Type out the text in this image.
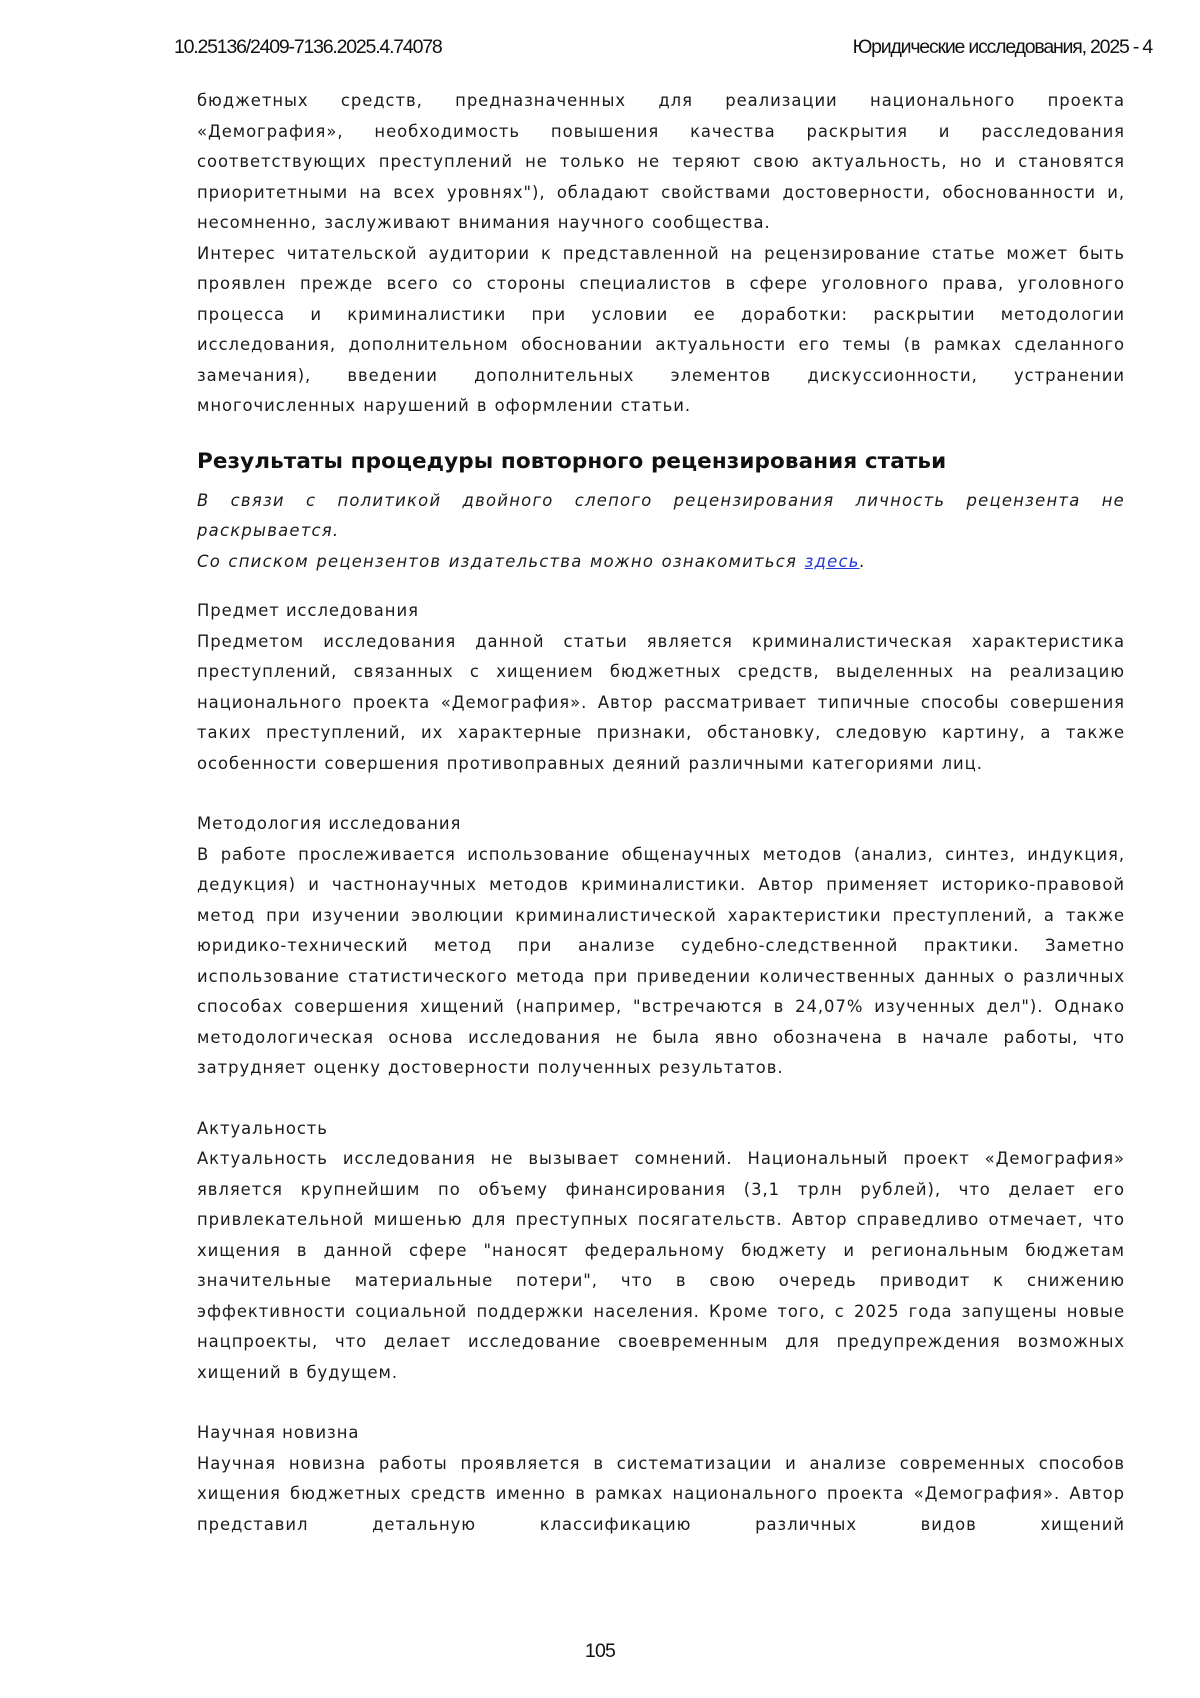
10.25136/2409-7136.2025.4.74078	Юридические исследования, 2025 - 4

бюджетных средств, предназначенных для реализации национального проекта «Демография», необходимость повышения качества раскрытия и расследования соответствующих преступлений не только не теряют свою актуальность, но и становятся приоритетными на всех уровнях"), обладают свойствами достоверности, обоснованности и, несомненно, заслуживают внимания научного сообщества.

Интерес читательской аудитории к представленной на рецензирование статье может быть проявлен прежде всего со стороны специалистов в сфере уголовного права, уголовного процесса и криминалистики при условии ее доработки: раскрытии методологии исследования, дополнительном обосновании актуальности его темы (в рамках сделанного замечания), введении дополнительных элементов дискуссионности, устранении многочисленных нарушений в оформлении статьи.

Результаты процедуры повторного рецензирования статьи

В связи с политикой двойного слепого рецензирования личность рецензента не раскрывается.

Со списком рецензентов издательства можно ознакомиться здесь.

Предмет исследования

Предметом исследования данной статьи является криминалистическая характеристика преступлений, связанных с хищением бюджетных средств, выделенных на реализацию национального проекта «Демография». Автор рассматривает типичные способы совершения таких преступлений, их характерные признаки, обстановку, следовую картину, а также особенности совершения противоправных деяний различными категориями лиц.

Методология исследования

В работе прослеживается использование общенаучных методов (анализ, синтез, индукция, дедукция) и частнонаучных методов криминалистики. Автор применяет историко-правовой метод при изучении эволюции криминалистической характеристики преступлений, а также юридико-технический метод при анализе судебно-следственной практики. Заметно использование статистического метода при приведении количественных данных о различных способах совершения хищений (например, "встречаются в 24,07% изученных дел"). Однако методологическая основа исследования не была явно обозначена в начале работы, что затрудняет оценку достоверности полученных результатов.

Актуальность

Актуальность исследования не вызывает сомнений. Национальный проект «Демография» является крупнейшим по объему финансирования (3,1 трлн рублей), что делает его привлекательной мишенью для преступных посягательств. Автор справедливо отмечает, что хищения в данной сфере "наносят федеральному бюджету и региональным бюджетам значительные материальные потери", что в свою очередь приводит к снижению эффективности социальной поддержки населения. Кроме того, с 2025 года запущены новые нацпроекты, что делает исследование своевременным для предупреждения возможных хищений в будущем.

Научная новизна

Научная новизна работы проявляется в систематизации и анализе современных способов хищения бюджетных средств именно в рамках национального проекта «Демография». Автор представил детальную классификацию различных видов хищений

105
